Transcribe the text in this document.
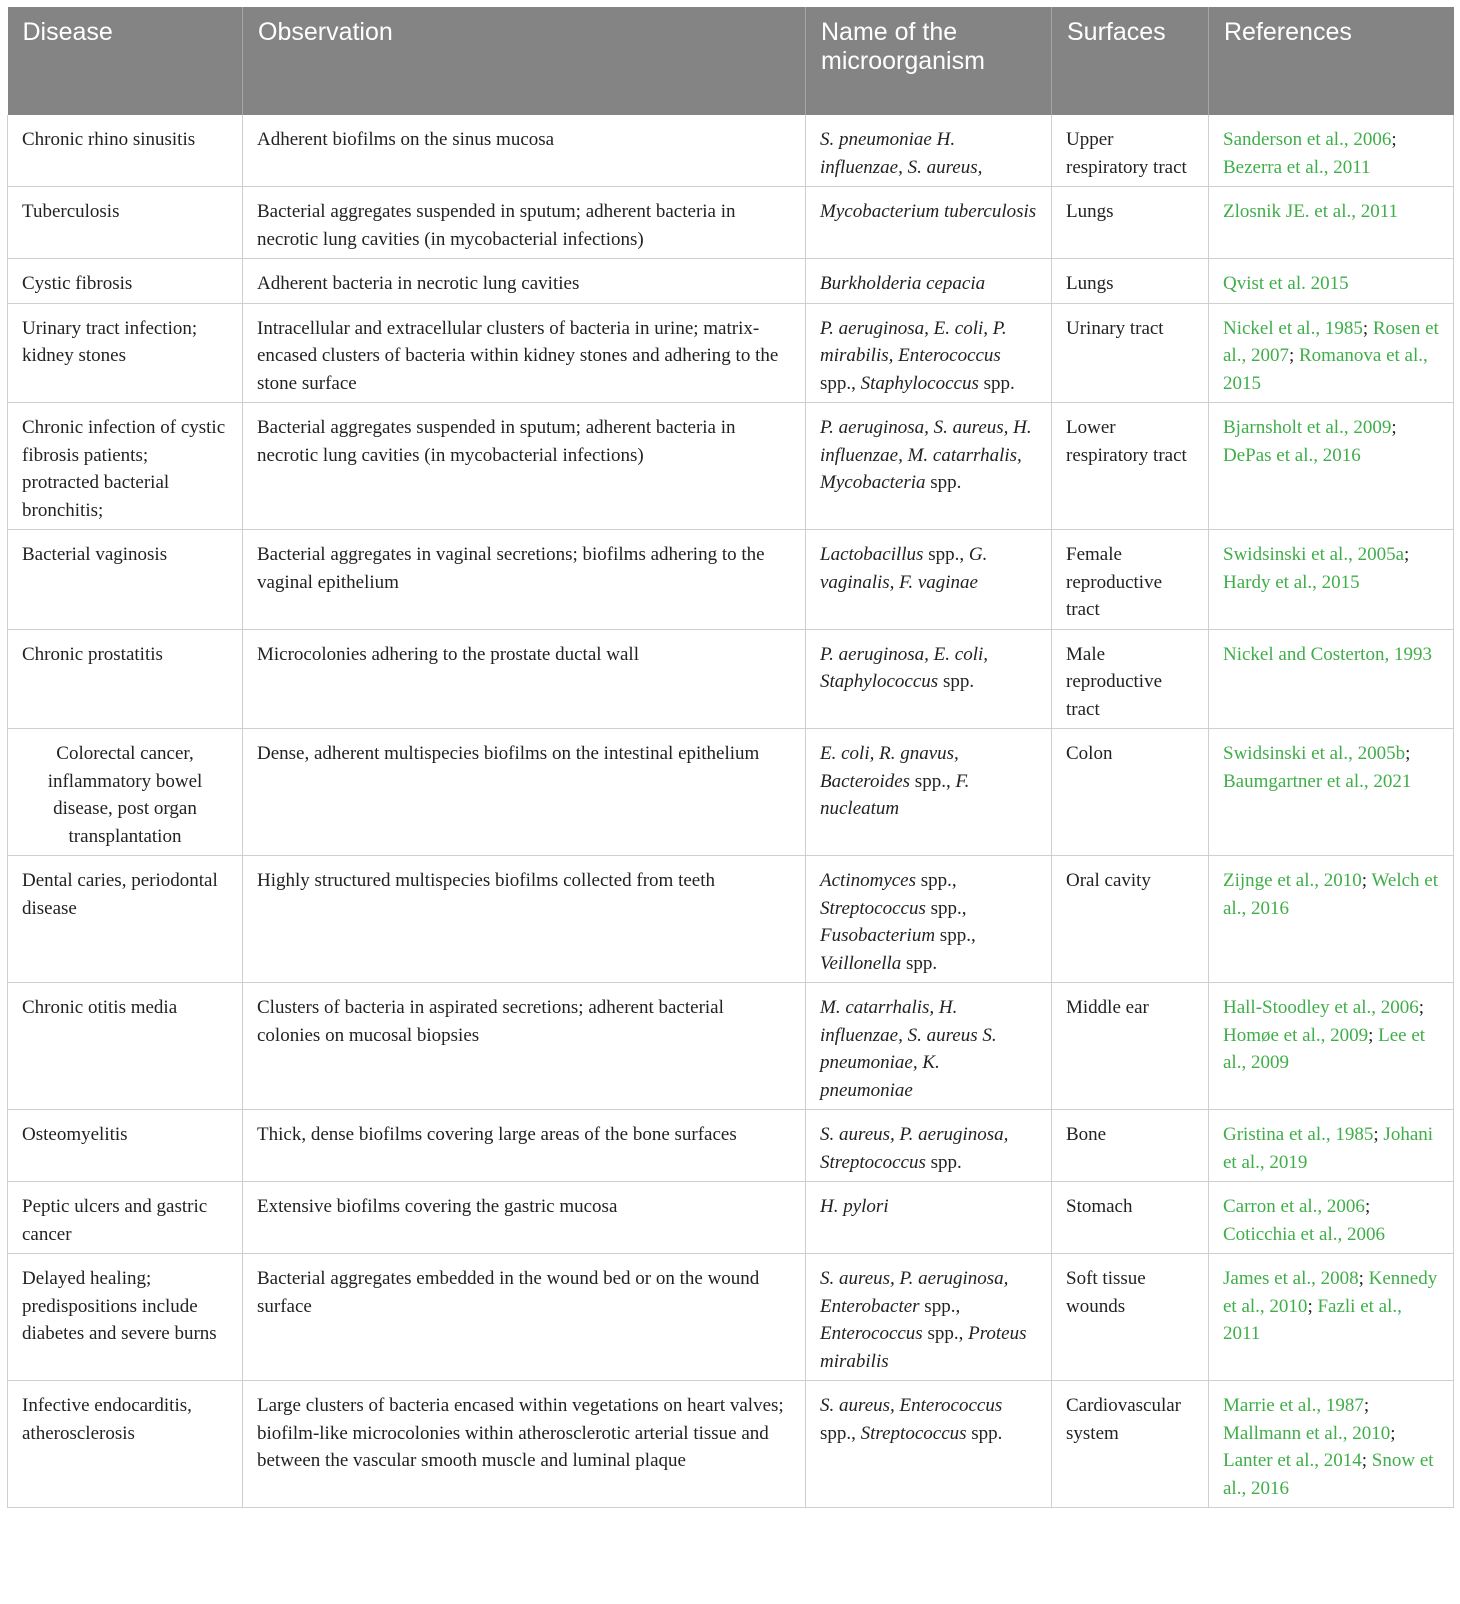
Disease	Observation	Name of the microorganism	Surfaces	References
Chronic rhino sinusitis	Adherent biofilms on the sinus mucosa	S. pneumoniae H. influenzae, S. aureus,	Upper respiratory tract	Sanderson et al., 2006; Bezerra et al., 2011
Tuberculosis	Bacterial aggregates suspended in sputum; adherent bacteria in necrotic lung cavities (in mycobacterial infections)	Mycobacterium tuberculosis	Lungs	Zlosnik JE. et al., 2011
Cystic fibrosis	Adherent bacteria in necrotic lung cavities	Burkholderia cepacia	Lungs	Qvist et al. 2015
Urinary tract infection; kidney stones	Intracellular and extracellular clusters of bacteria in urine; matrix-encased clusters of bacteria within kidney stones and adhering to the stone surface	P. aeruginosa, E. coli, P. mirabilis, Enterococcus spp., Staphylococcus spp.	Urinary tract	Nickel et al., 1985; Rosen et al., 2007; Romanova et al., 2015
Chronic infection of cystic fibrosis patients; protracted bacterial bronchitis;	Bacterial aggregates suspended in sputum; adherent bacteria in necrotic lung cavities (in mycobacterial infections)	P. aeruginosa, S. aureus, H. influenzae, M. catarrhalis, Mycobacteria spp.	Lower respiratory tract	Bjarnsholt et al., 2009; DePas et al., 2016
Bacterial vaginosis	Bacterial aggregates in vaginal secretions; biofilms adhering to the vaginal epithelium	Lactobacillus spp., G. vaginalis, F. vaginae	Female reproductive tract	Swidsinski et al., 2005a; Hardy et al., 2015
Chronic prostatitis	Microcolonies adhering to the prostate ductal wall	P. aeruginosa, E. coli, Staphylococcus spp.	Male reproductive tract	Nickel and Costerton, 1993
Colorectal cancer, inflammatory bowel disease, post organ transplantation	Dense, adherent multispecies biofilms on the intestinal epithelium	E. coli, R. gnavus, Bacteroides spp., F. nucleatum	Colon	Swidsinski et al., 2005b; Baumgartner et al., 2021
Dental caries, periodontal disease	Highly structured multispecies biofilms collected from teeth	Actinomyces spp., Streptococcus spp., Fusobacterium spp., Veillonella spp.	Oral cavity	Zijnge et al., 2010; Welch et al., 2016
Chronic otitis media	Clusters of bacteria in aspirated secretions; adherent bacterial colonies on mucosal biopsies	M. catarrhalis, H. influenzae, S. aureus S. pneumoniae, K. pneumoniae	Middle ear	Hall-Stoodley et al., 2006; Homøe et al., 2009; Lee et al., 2009
Osteomyelitis	Thick, dense biofilms covering large areas of the bone surfaces	S. aureus, P. aeruginosa, Streptococcus spp.	Bone	Gristina et al., 1985; Johani et al., 2019
Peptic ulcers and gastric cancer	Extensive biofilms covering the gastric mucosa	H. pylori	Stomach	Carron et al., 2006; Coticchia et al., 2006
Delayed healing; predispositions include diabetes and severe burns	Bacterial aggregates embedded in the wound bed or on the wound surface	S. aureus, P. aeruginosa, Enterobacter spp., Enterococcus spp., Proteus mirabilis	Soft tissue wounds	James et al., 2008; Kennedy et al., 2010; Fazli et al., 2011
Infective endocarditis, atherosclerosis	Large clusters of bacteria encased within vegetations on heart valves; biofilm-like microcolonies within atherosclerotic arterial tissue and between the vascular smooth muscle and luminal plaque	S. aureus, Enterococcus spp., Streptococcus spp.	Cardiovascular system	Marrie et al., 1987; Mallmann et al., 2010; Lanter et al., 2014; Snow et al., 2016
